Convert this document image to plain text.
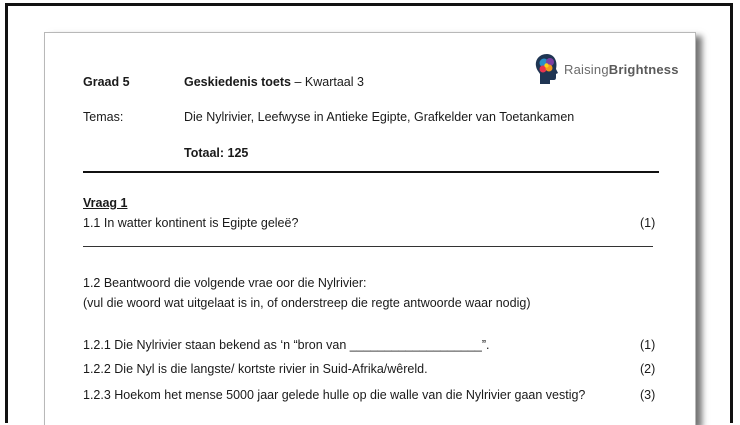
RaisingBrightness
Graad 5	Geskiedenis toets – Kwartaal 3
Temas:	Die Nylrivier, Leefwyse in Antieke Egipte, Grafkelder van Toetankamen
Totaal: 125
Vraag 1
1.1 In watter kontinent is Egipte geleë?	(1)
1.2 Beantwoord die volgende vrae oor die Nylrivier:
(vul die woord wat uitgelaat is in, of onderstreep die regte antwoorde waar nodig)
1.2.1 Die Nylrivier staan bekend as ‘n “bron van ___________________”.	(1)
1.2.2 Die Nyl is die langste/ kortste rivier in Suid-Afrika/wêreld.	(2)
1.2.3 Hoekom het mense 5000 jaar gelede hulle op die walle van die Nylrivier gaan vestig?	(3)
